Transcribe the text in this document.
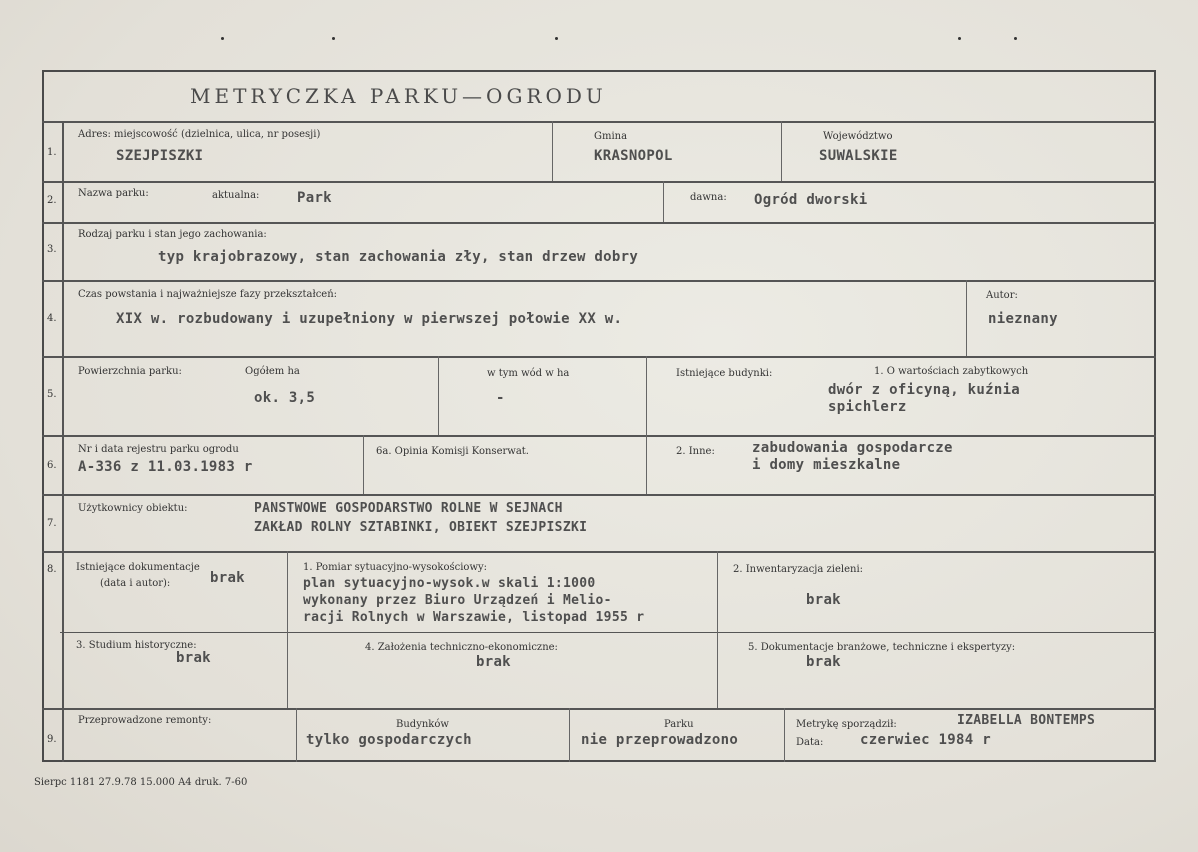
METRYCZKA PARKU—OGRODU
1.
Adres: miejscowość (dzielnica, ulica, nr posesji)
SZEJPISZKI
Gmina
KRASNOPOL
Województwo
SUWALSKIE
2.
Nazwa parku:	aktualna:	Park	dawna: Ogród dworski
3.
Rodzaj parku i stan jego zachowania:
typ krajobrazowy, stan zachowania zły, stan drzew dobry
4.
Czas powstania i najważniejsze fazy przekształceń:
XIX w. rozbudowany i uzupełniony w pierwszej połowie XX w.
Autor:
nieznany
5.
Powierzchnia parku:	Ogółem ha
ok. 3,5
w tym wód w ha
-
Istniejące budynki:	1. O wartościach zabytkowych
dwór z oficyną, kuźnia
spichlerz
6.
Nr i data rejestru parku ogrodu
A-336 z 11.03.1983 r
6a. Opinia Komisji Konserwat.	2. Inne:	zabudowania gospodarcze
i domy mieszkalne
7.
Użytkownicy obiektu:	PANSTWOWE GOSPODARSTWO ROLNE W SEJNACH
ZAKŁAD ROLNY SZTABINKI, OBIEKT SZEJPISZKI
8. Istniejące dokumentacje
(data i autor):	brak
1. Pomiar sytuacyjno-wysokościowy:
plan sytuacyjno-wysok.w skali 1:1000
wykonany przez Biuro Urządzeń i Melio-
racji Rolnych w Warszawie, listopad 1955 r
2. Inwentaryzacja zieleni:
brak
3. Studium historyczne:
brak
4. Założenia techniczno-ekonomiczne:
brak
5. Dokumentacje branżowe, techniczne i ekspertyzy:
brak
9.
Przeprowadzone remonty:	Budynków
tylko gospodarczych
Parku
nie przeprowadzono
Metrykę sporządził:	IZABELLA BONTEMPS
Data:	czerwiec 1984 r
Sierpc 1181 27.9.78 15.000 A4 druk. 7-60
